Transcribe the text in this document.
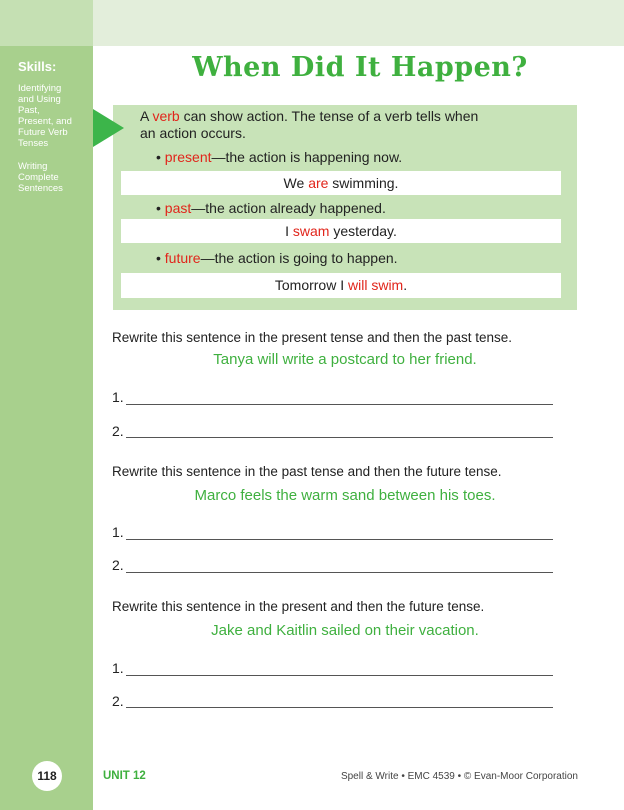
Skills:
Identifying
and Using
Past,
Present, and
Future Verb
Tenses
Writing
Complete
Sentences
When Did It Happen?
A verb can show action. The tense of a verb tells when
an action occurs.
• present—the action is happening now.
We are swimming.
• past—the action already happened.
I swam yesterday.
• future—the action is going to happen.
Tomorrow I will swim.
Rewrite this sentence in the present tense and then the past tense.
Tanya will write a postcard to her friend.
1.
2.
Rewrite this sentence in the past tense and then the future tense.
Marco feels the warm sand between his toes.
1.
2.
Rewrite this sentence in the present and then the future tense.
Jake and Kaitlin sailed on their vacation.
1.
2.
118	UNIT 12	Spell & Write • EMC 4539 • © Evan-Moor Corporation
